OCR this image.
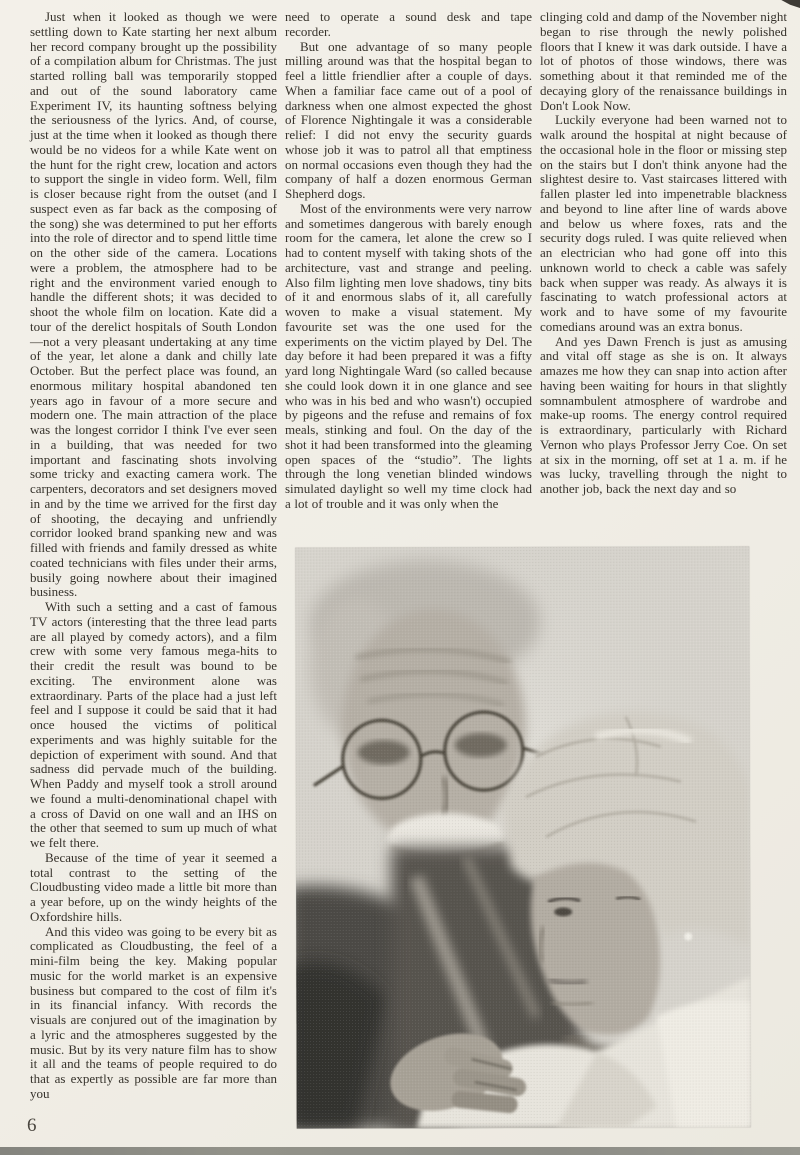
Just when it looked as though we were settling down to Kate starting her next album her record company brought up the possibility of a compilation album for Christmas. The just started rolling ball was temporarily stopped and out of the sound laboratory came Experiment IV, its haunting softness belying the seriousness of the lyrics. And, of course, just at the time when it looked as though there would be no videos for a while Kate went on the hunt for the right crew, location and actors to support the single in video form. Well, film is closer because right from the outset (and I suspect even as far back as the composing of the song) she was determined to put her efforts into the role of director and to spend little time on the other side of the camera. Locations were a problem, the atmosphere had to be right and the environment varied enough to handle the different shots; it was decided to shoot the whole film on location. Kate did a tour of the derelict hospitals of South London—not a very pleasant undertaking at any time of the year, let alone a dank and chilly late October. But the perfect place was found, an enormous military hospital abandoned ten years ago in favour of a more secure and modern one. The main attraction of the place was the longest corridor I think I've ever seen in a building, that was needed for two important and fascinating shots involving some tricky and exacting camera work. The carpenters, decorators and set designers moved in and by the time we arrived for the first day of shooting, the decaying and unfriendly corridor looked brand spanking new and was filled with friends and family dressed as white coated technicians with files under their arms, busily going nowhere about their imagined business.

With such a setting and a cast of famous TV actors (interesting that the three lead parts are all played by comedy actors), and a film crew with some very famous mega-hits to their credit the result was bound to be exciting. The environment alone was extraordinary. Parts of the place had a just left feel and I suppose it could be said that it had once housed the victims of political experiments and was highly suitable for the depiction of experiment with sound. And that sadness did pervade much of the building. When Paddy and myself took a stroll around we found a multi-denominational chapel with a cross of David on one wall and an IHS on the other that seemed to sum up much of what we felt there.

Because of the time of year it seemed a total contrast to the setting of the Cloudbusting video made a little bit more than a year before, up on the windy heights of the Oxfordshire hills.

And this video was going to be every bit as complicated as Cloudbusting, the feel of a mini-film being the key. Making popular music for the world market is an expensive business but compared to the cost of film it's in its financial infancy. With records the visuals are conjured out of the imagination by a lyric and the atmospheres suggested by the music. But by its very nature film has to show it all and the teams of people required to do that as expertly as possible are far more than you

need to operate a sound desk and tape recorder.

But one advantage of so many people milling around was that the hospital began to feel a little friendlier after a couple of days. When a familiar face came out of a pool of darkness when one almost expected the ghost of Florence Nightingale it was a considerable relief: I did not envy the security guards whose job it was to patrol all that emptiness on normal occasions even though they had the company of half a dozen enormous German Shepherd dogs.

Most of the environments were very narrow and sometimes dangerous with barely enough room for the camera, let alone the crew so I had to content myself with taking shots of the architecture, vast and strange and peeling. Also film lighting men love shadows, tiny bits of it and enormous slabs of it, all carefully woven to make a visual statement. My favourite set was the one used for the experiments on the victim played by Del. The day before it had been prepared it was a fifty yard long Nightingale Ward (so called because she could look down it in one glance and see who was in his bed and who wasn't) occupied by pigeons and the refuse and remains of fox meals, stinking and foul. On the day of the shot it had been transformed into the gleaming open spaces of the “studio”. The lights through the long venetian blinded windows simulated daylight so well my time clock had a lot of trouble and it was only when the

clinging cold and damp of the November night began to rise through the newly polished floors that I knew it was dark outside. I have a lot of photos of those windows, there was something about it that reminded me of the decaying glory of the renaissance buildings in Don't Look Now.

Luckily everyone had been warned not to walk around the hospital at night because of the occasional hole in the floor or missing step on the stairs but I don't think anyone had the slightest desire to. Vast staircases littered with fallen plaster led into impenetrable blackness and beyond to line after line of wards above and below us where foxes, rats and the security dogs ruled. I was quite relieved when an electrician who had gone off into this unknown world to check a cable was safely back when supper was ready. As always it is fascinating to watch professional actors at work and to have some of my favourite comedians around was an extra bonus.

And yes Dawn French is just as amusing and vital off stage as she is on. It always amazes me how they can snap into action after having been waiting for hours in that slightly somnambulent atmosphere of wardrobe and make-up rooms. The energy control required is extraordinary, particularly with Richard Vernon who plays Professor Jerry Coe. On set at six in the morning, off set at 1 a. m. if he was lucky, travelling through the night to another job, back the next day and so

6
